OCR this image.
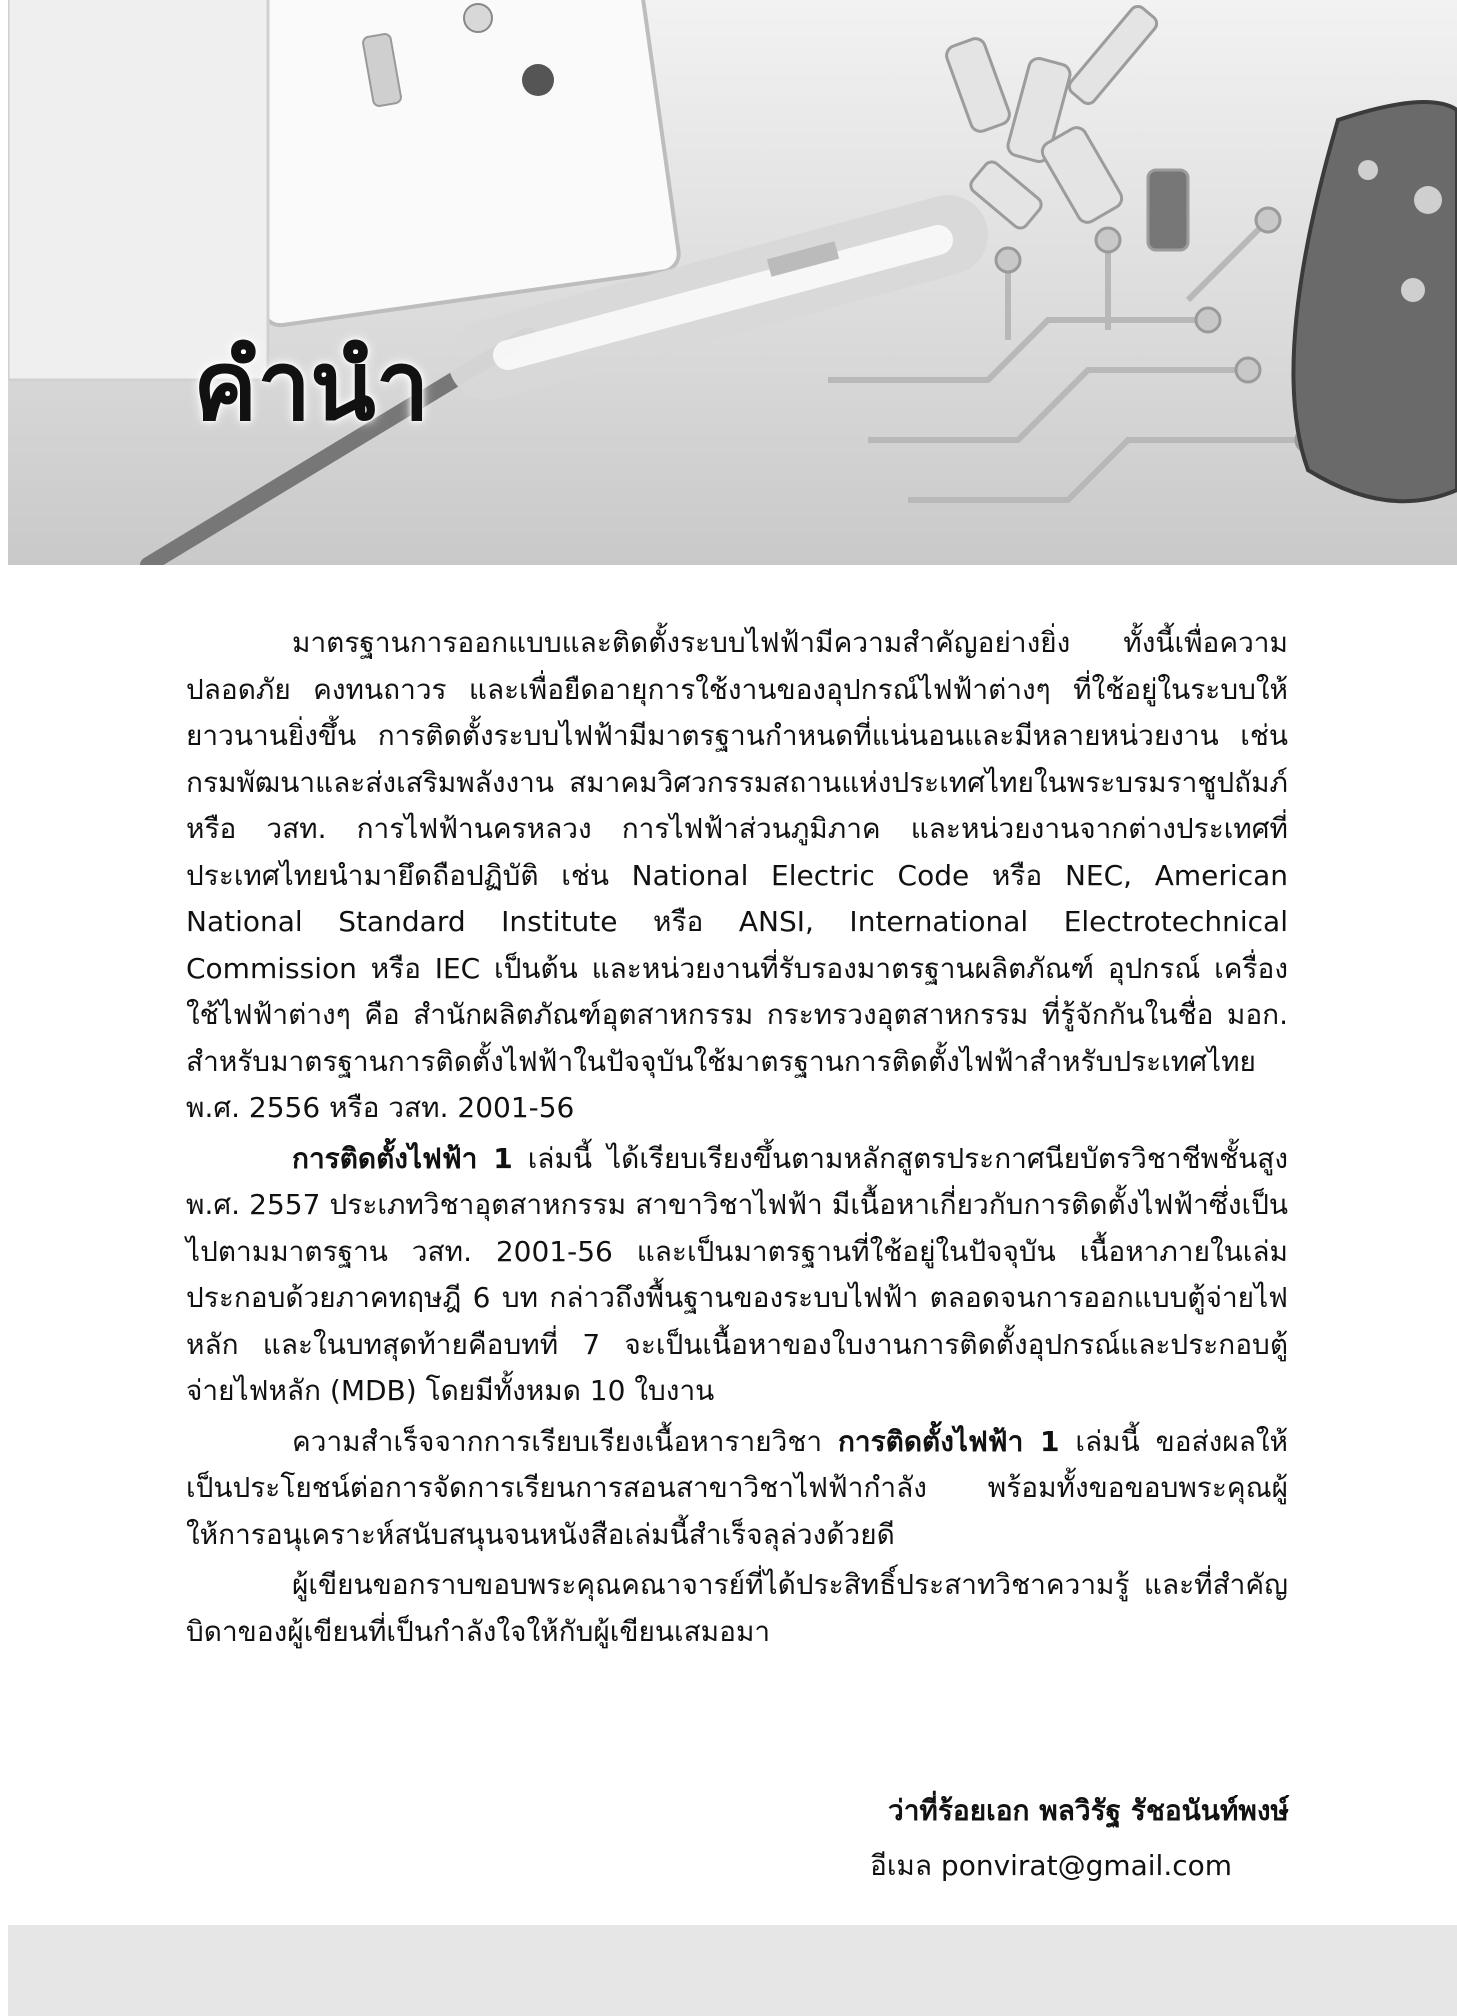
คำนำ

มาตรฐานการออกแบบและติดตั้งระบบไฟฟ้ามีความสำคัญอย่างยิ่ง ทั้งนี้เพื่อความปลอดภัย คงทนถาวร และเพื่อยืดอายุการใช้งานของอุปกรณ์ไฟฟ้าต่างๆ ที่ใช้อยู่ในระบบให้ยาวนานยิ่งขึ้น การติดตั้งระบบไฟฟ้ามีมาตรฐานกำหนดที่แน่นอนและมีหลายหน่วยงาน เช่น กรมพัฒนาและส่งเสริมพลังงาน สมาคมวิศวกรรมสถานแห่งประเทศไทยในพระบรมราชูปถัมภ์ หรือ วสท. การไฟฟ้านครหลวง การไฟฟ้าส่วนภูมิภาค และหน่วยงานจากต่างประเทศที่ประเทศไทยนำมายึดถือปฏิบัติ เช่น National Electric Code หรือ NEC, American National Standard Institute หรือ ANSI, International Electrotechnical Commission หรือ IEC เป็นต้น และหน่วยงานที่รับรองมาตรฐานผลิตภัณฑ์ อุปกรณ์ เครื่องใช้ไฟฟ้าต่างๆ คือ สำนักผลิตภัณฑ์อุตสาหกรรม กระทรวงอุตสาหกรรม ที่รู้จักกันในชื่อ มอก. สำหรับมาตรฐานการติดตั้งไฟฟ้าในปัจจุบันใช้มาตรฐานการติดตั้งไฟฟ้าสำหรับประเทศไทย พ.ศ. 2556 หรือ วสท. 2001-56

การติดตั้งไฟฟ้า 1 เล่มนี้ ได้เรียบเรียงขึ้นตามหลักสูตรประกาศนียบัตรวิชาชีพชั้นสูง พ.ศ. 2557 ประเภทวิชาอุตสาหกรรม สาขาวิชาไฟฟ้า มีเนื้อหาเกี่ยวกับการติดตั้งไฟฟ้าซึ่งเป็นไปตามมาตรฐาน วสท. 2001-56 และเป็นมาตรฐานที่ใช้อยู่ในปัจจุบัน เนื้อหาภายในเล่มประกอบด้วยภาคทฤษฎี 6 บท กล่าวถึงพื้นฐานของระบบไฟฟ้า ตลอดจนการออกแบบตู้จ่ายไฟหลัก และในบทสุดท้ายคือบทที่ 7 จะเป็นเนื้อหาของใบงานการติดตั้งอุปกรณ์และประกอบตู้จ่ายไฟหลัก (MDB) โดยมีทั้งหมด 10 ใบงาน

ความสำเร็จจากการเรียบเรียงเนื้อหารายวิชา การติดตั้งไฟฟ้า 1 เล่มนี้ ขอส่งผลให้เป็นประโยชน์ต่อการจัดการเรียนการสอนสาขาวิชาไฟฟ้ากำลัง พร้อมทั้งขอขอบพระคุณผู้ให้การอนุเคราะห์สนับสนุนจนหนังสือเล่มนี้สำเร็จลุล่วงด้วยดี

ผู้เขียนขอกราบขอบพระคุณคณาจารย์ที่ได้ประสิทธิ์ประสาทวิชาความรู้ และที่สำคัญบิดาของผู้เขียนที่เป็นกำลังใจให้กับผู้เขียนเสมอมา

ว่าที่ร้อยเอก พลวิรัฐ รัชอนันท์พงษ์
อีเมล ponvirat@gmail.com
